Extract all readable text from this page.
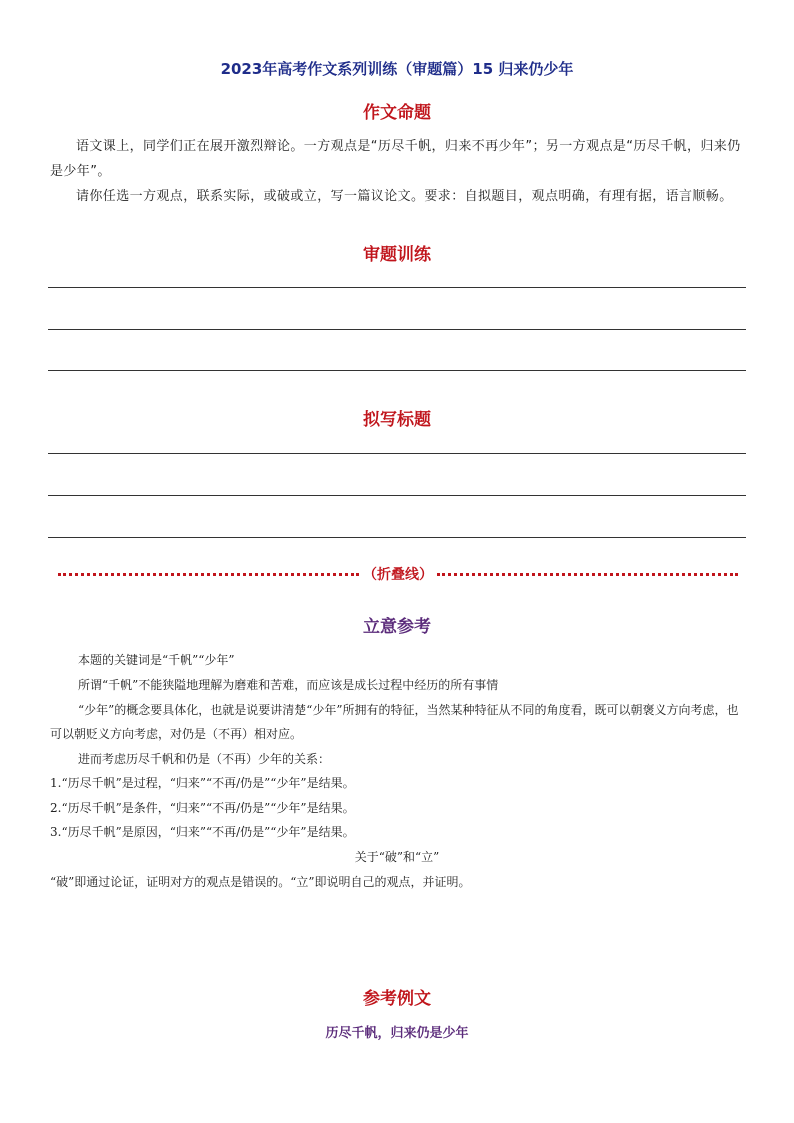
2023年高考作文系列训练（审题篇）15 归来仍少年
作文命题
语文课上，同学们正在展开激烈辩论。一方观点是“历尽千帆，归来不再少年”；另一方观点是“历尽千帆，归来仍是少年”。
请你任选一方观点，联系实际，或破或立，写一篇议论文。要求：自拟题目，观点明确，有理有据，语言顺畅。
审题训练
拟写标题
（折叠线）
立意参考
本题的关键词是“千帆”“少年”
所谓“千帆”不能狭隘地理解为磨难和苦难，而应该是成长过程中经历的所有事情
“少年”的概念要具体化，也就是说要讲清楚“少年”所拥有的特征，当然某种特征从不同的角度看，既可以朝褒义方向考虑，也可以朝贬义方向考虑，对仍是（不再）相对应。
进而考虑历尽千帆和仍是（不再）少年的关系：
1.“历尽千帆”是过程，“归来”“不再/仍是”“少年”是结果。
2.“历尽千帆”是条件，“归来”“不再/仍是”“少年”是结果。
3.“历尽千帆”是原因，“归来”“不再/仍是”“少年”是结果。
关于“破”和“立”
“破”即通过论证，证明对方的观点是错误的。“立”即说明自己的观点，并证明。
参考例文
历尽千帆，归来仍是少年
